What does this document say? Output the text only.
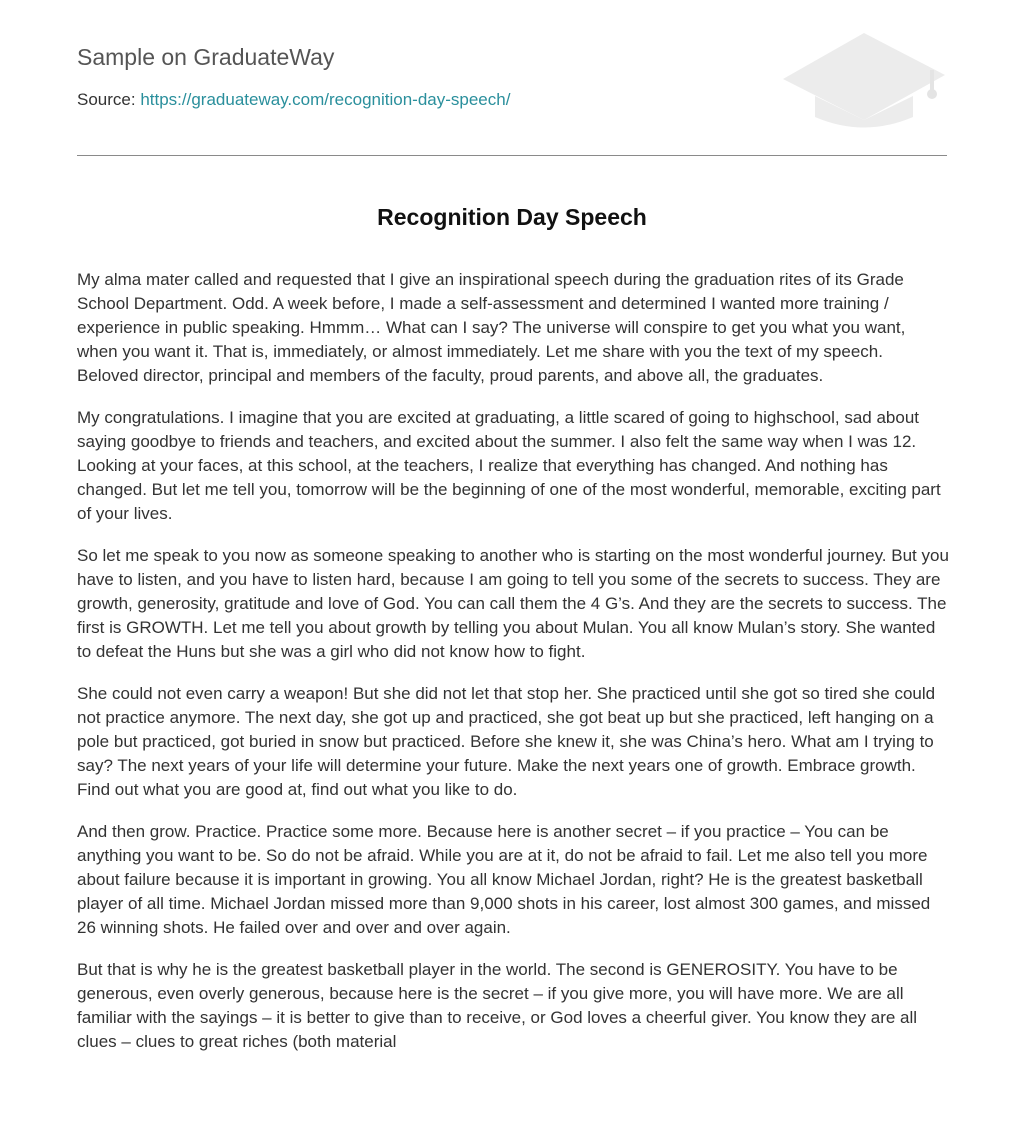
Sample on GraduateWay
Source: https://graduateway.com/recognition-day-speech/
Recognition Day Speech

My alma mater called and requested that I give an inspirational speech during the graduation rites of its Grade School Department. Odd. A week before, I made a self-assessment and determined I wanted more training / experience in public speaking. Hmmm… What can I say? The universe will conspire to get you what you want, when you want it. That is, immediately, or almost immediately. Let me share with you the text of my speech. Beloved director, principal and members of the faculty, proud parents, and above all, the graduates.

My congratulations. I imagine that you are excited at graduating, a little scared of going to highschool, sad about saying goodbye to friends and teachers, and excited about the summer. I also felt the same way when I was 12. Looking at your faces, at this school, at the teachers, I realize that everything has changed. And nothing has changed. But let me tell you, tomorrow will be the beginning of one of the most wonderful, memorable, exciting part of your lives.

So let me speak to you now as someone speaking to another who is starting on the most wonderful journey. But you have to listen, and you have to listen hard, because I am going to tell you some of the secrets to success. They are growth, generosity, gratitude and love of God. You can call them the 4 G’s. And they are the secrets to success. The first is GROWTH. Let me tell you about growth by telling you about Mulan. You all know Mulan’s story. She wanted to defeat the Huns but she was a girl who did not know how to fight.

She could not even carry a weapon! But she did not let that stop her. She practiced until she got so tired she could not practice anymore. The next day, she got up and practiced, she got beat up but she practiced, left hanging on a pole but practiced, got buried in snow but practiced. Before she knew it, she was China’s hero. What am I trying to say? The next years of your life will determine your future. Make the next years one of growth. Embrace growth. Find out what you are good at, find out what you like to do.

And then grow. Practice. Practice some more. Because here is another secret – if you practice – You can be anything you want to be. So do not be afraid. While you are at it, do not be afraid to fail. Let me also tell you more about failure because it is important in growing. You all know Michael Jordan, right? He is the greatest basketball player of all time. Michael Jordan missed more than 9,000 shots in his career, lost almost 300 games, and missed 26 winning shots. He failed over and over and over again.

But that is why he is the greatest basketball player in the world. The second is GENEROSITY. You have to be generous, even overly generous, because here is the secret – if you give more, you will have more. We are all familiar with the sayings – it is better to give than to receive, or God loves a cheerful giver. You know they are all clues – clues to great riches (both material
